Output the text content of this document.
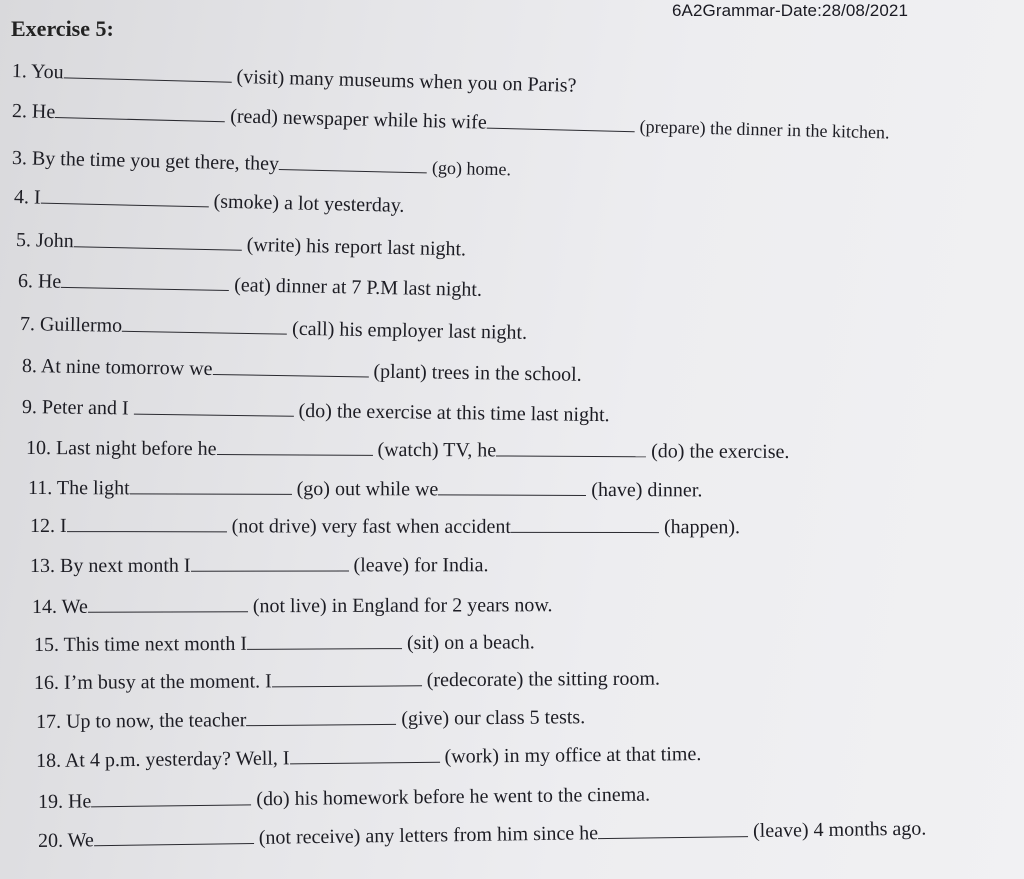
6A2Grammar-Date:28/08/2021
Exercise 5:
1. You	(visit) many museums when you on Paris?
2. He	(read) newspaper while his wife	(prepare) the dinner in the kitchen.
3. By the time you get there, they	(go) home.
4. I	(smoke) a lot yesterday.
5. John	(write) his report last night.
6. He	(eat) dinner at 7 P.M last night.
7. Guillermo	(call) his employer last night.
8. At nine tomorrow we	(plant) trees in the school.
9. Peter and I	(do) the exercise at this time last night.
10. Last night before he	(watch) TV, he	(do) the exercise.
11. The light	(go) out while we	(have) dinner.
12. I	(not drive) very fast when accident	(happen).
13. By next month I	(leave) for India.
14. We	(not live) in England for 2 years now.
15. This time next month I	(sit) on a beach.
16. I’m busy at the moment. I	(redecorate) the sitting room.
17. Up to now, the teacher	(give) our class 5 tests.
18. At 4 p.m. yesterday? Well, I	(work) in my office at that time.
19. He	(do) his homework before he went to the cinema.
20. We	(not receive) any letters from him since he	(leave) 4 months ago.
